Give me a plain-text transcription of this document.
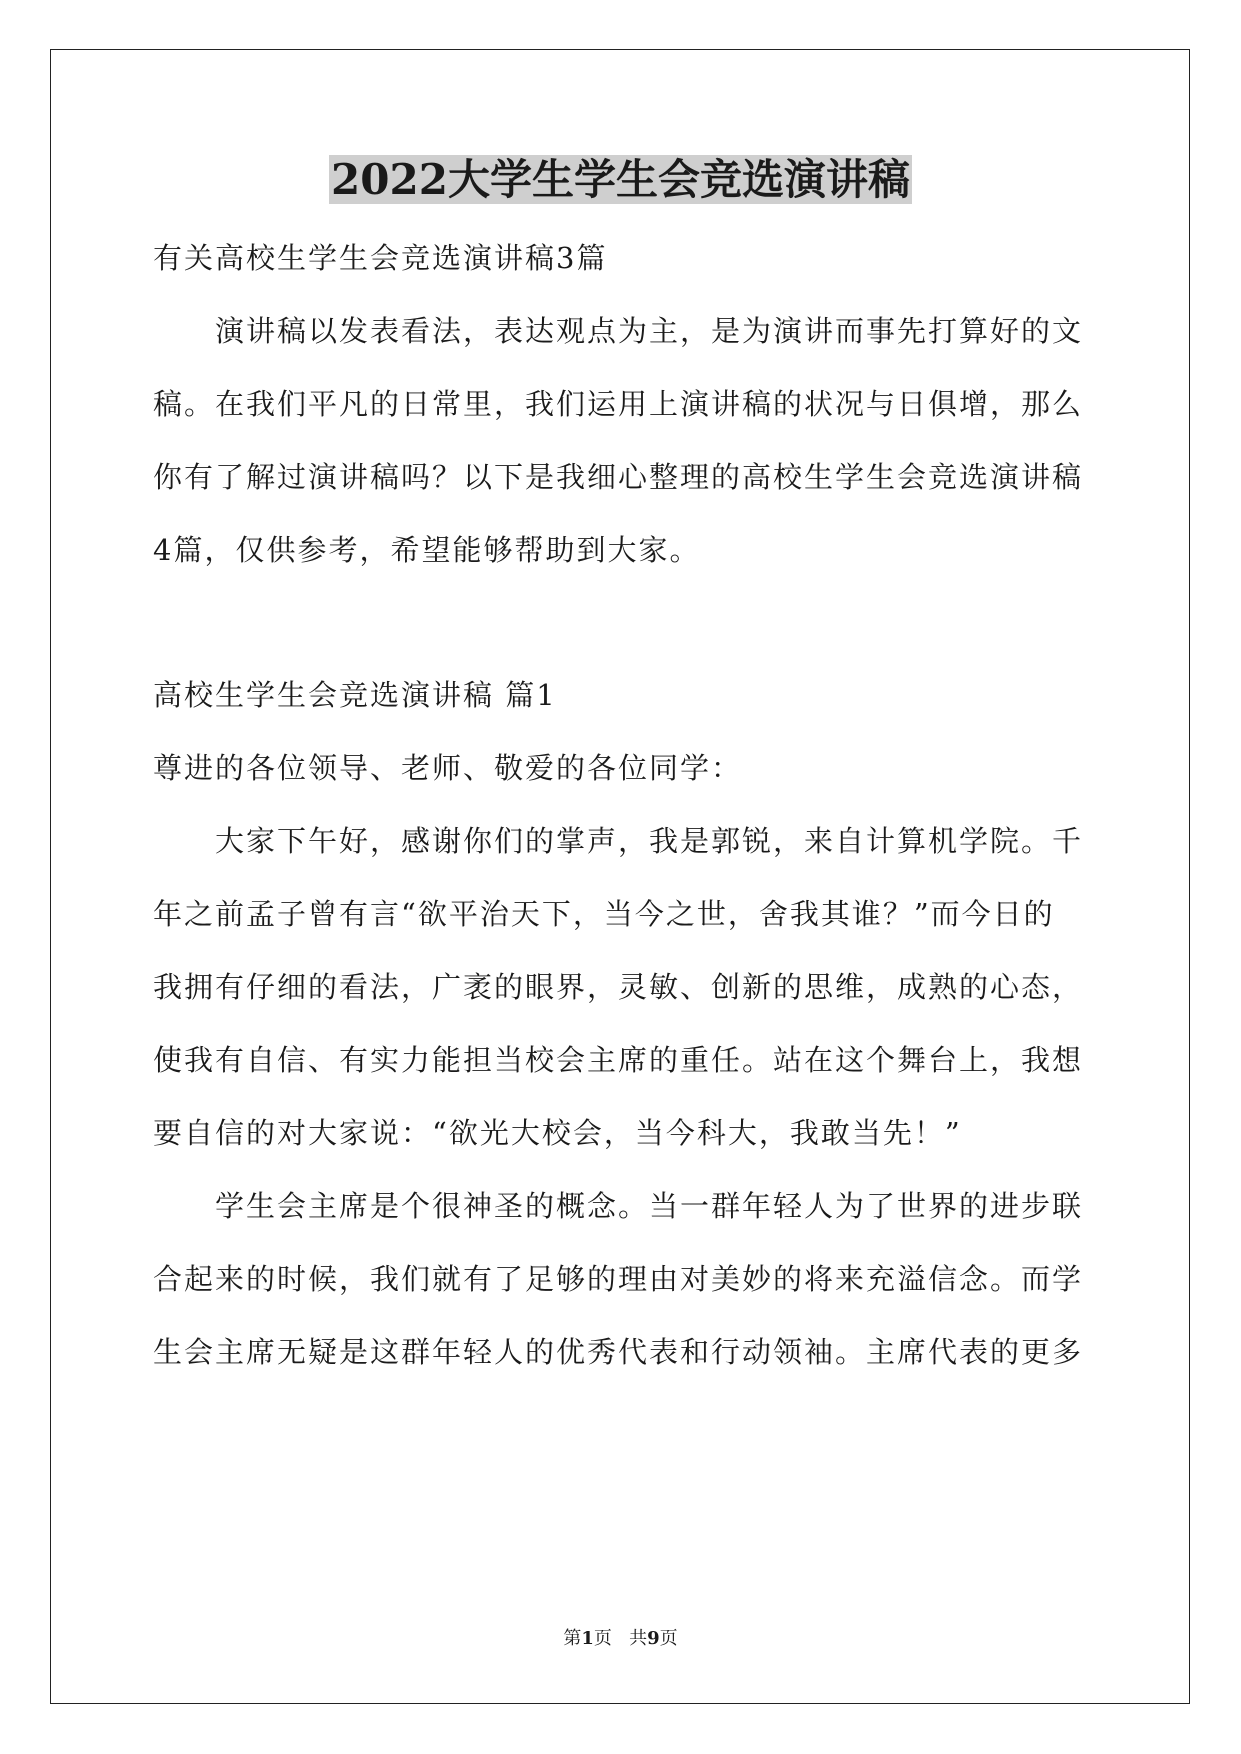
2022大学生学生会竞选演讲稿
有关高校生学生会竞选演讲稿3篇
演讲稿以发表看法，表达观点为主，是为演讲而事先打算好的文
稿。在我们平凡的日常里，我们运用上演讲稿的状况与日俱增，那么
你有了解过演讲稿吗？以下是我细心整理的高校生学生会竞选演讲稿
4篇，仅供参考，希望能够帮助到大家。
高校生学生会竞选演讲稿 篇1
尊进的各位领导、老师、敬爱的各位同学：
大家下午好，感谢你们的掌声，我是郭锐，来自计算机学院。千
年之前孟子曾有言“欲平治天下，当今之世，舍我其谁？”而今日的
我拥有仔细的看法，广袤的眼界，灵敏、创新的思维，成熟的心态，
使我有自信、有实力能担当校会主席的重任。站在这个舞台上，我想
要自信的对大家说：“欲光大校会，当今科大，我敢当先！”
学生会主席是个很神圣的概念。当一群年轻人为了世界的进步联
合起来的时候，我们就有了足够的理由对美妙的将来充溢信念。而学
生会主席无疑是这群年轻人的优秀代表和行动领袖。主席代表的更多
第1页 共9页
